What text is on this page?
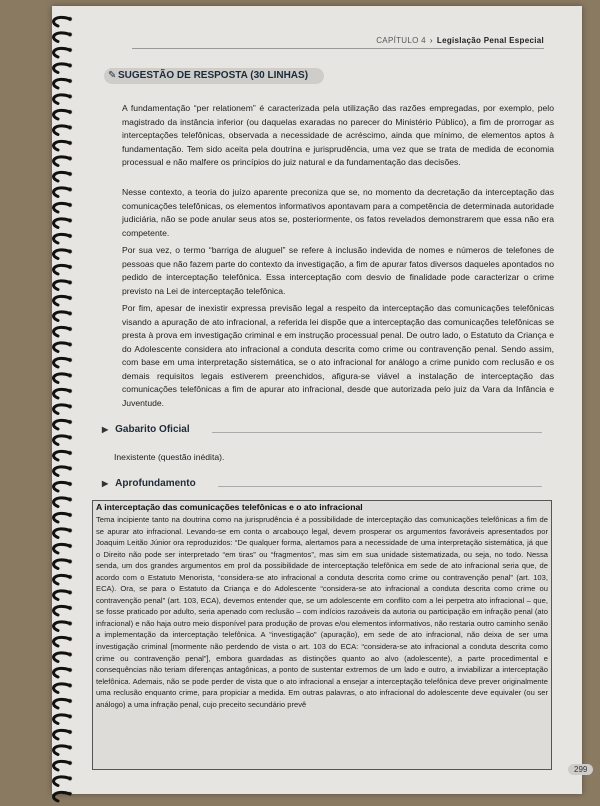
CAPÍTULO 4 › Legislação Penal Especial
✎ SUGESTÃO DE RESPOSTA (30 LINHAS)

A fundamentação “per relationem” é caracterizada pela utilização das razões empregadas, por exemplo, pelo magistrado da instância inferior (ou daquelas exaradas no parecer do Ministério Público), a fim de prorrogar as interceptações telefônicas, observada a necessidade de acréscimo, ainda que mínimo, de elementos aptos à fundamentação. Tem sido aceita pela doutrina e jurisprudência, uma vez que se trata de medida de economia processual e não malfere os princípios do juiz natural e da fundamentação das decisões.

Nesse contexto, a teoria do juízo aparente preconiza que se, no momento da decretação da interceptação das comunicações telefônicas, os elementos informativos apontavam para a competência de determinada autoridade judiciária, não se pode anular seus atos se, posteriormente, os fatos revelados demonstrarem que essa não era competente.

Por sua vez, o termo “barriga de aluguel” se refere à inclusão indevida de nomes e números de telefones de pessoas que não fazem parte do contexto da investigação, a fim de apurar fatos diversos daqueles apontados no pedido de interceptação telefônica. Essa interceptação com desvio de finalidade pode caracterizar o crime previsto na Lei de interceptação telefônica.

Por fim, apesar de inexistir expressa previsão legal a respeito da interceptação das comunicações telefônicas visando a apuração de ato infracional, a referida lei dispõe que a interceptação das comunicações telefônicas se presta à prova em investigação criminal e em instrução processual penal. De outro lado, o Estatuto da Criança e do Adolescente considera ato infracional a conduta descrita como crime ou contravenção penal. Sendo assim, com base em uma interpretação sistemática, se o ato infracional for análogo a crime punido com reclusão e os demais requisitos legais estiverem preenchidos, afigura-se viável a instalação de interceptação das comunicações telefônicas a fim de apurar ato infracional, desde que autorizada pelo juiz da Vara da Infância e Juventude.

▶ Gabarito Oficial
Inexistente (questão inédita).
▶ Aprofundamento
A interceptação das comunicações telefônicas e o ato infracional

Tema incipiente tanto na doutrina como na jurisprudência é a possibilidade de interceptação das comunicações telefônicas a fim de se apurar ato infracional. Levando-se em conta o arcabouço legal, devem prosperar os argumentos favoráveis apresentados por Joaquim Leitão Júnior ora reproduzidos: “De qualquer forma, alertamos para a necessidade de uma interpretação sistemática, já que o Direito não pode ser interpretado “em tiras” ou “fragmentos”, mas sim em sua unidade sistematizada, ou seja, no todo. Nessa senda, um dos grandes argumentos em prol da possibilidade de interceptação telefônica em sede de ato infracional seria que, de acordo com o Estatuto Menorista, “considera-se ato infracional a conduta descrita como crime ou contravenção penal” (art. 103, ECA). Ora, se para o Estatuto da Criança e do Adolescente “considera-se ato infracional a conduta descrita como crime ou contravenção penal” (art. 103, ECA), devemos entender que, se um adolescente em conflito com a lei perpetra ato infracional – que, se fosse praticado por adulto, seria apenado com reclusão – com indícios razoáveis da autoria ou participação em infração penal (ato infracional) e não haja outro meio disponível para produção de provas e/ou elementos informativos, não restaria outro caminho senão a implementação da interceptação telefônica. A “investigação” (apuração), em sede de ato infracional, não deixa de ser uma investigação criminal [mormente não perdendo de vista o art. 103 do ECA: “considera-se ato infracional a conduta descrita como crime ou contravenção penal”], embora guardadas as distinções quanto ao alvo (adolescente), a parte procedimental e consequências não teriam diferenças antagônicas, a ponto de sustentar extremos de um lado e outro, a inviabilizar a interceptação telefônica. Ademais, não se pode perder de vista que o ato infracional a ensejar a interceptação telefônica deve prever originalmente uma reclusão enquanto crime, para propiciar a medida. Em outras palavras, o ato infracional do adolescente deve equivaler (ou ser análogo) a uma infração penal, cujo preceito secundário prevê

299
